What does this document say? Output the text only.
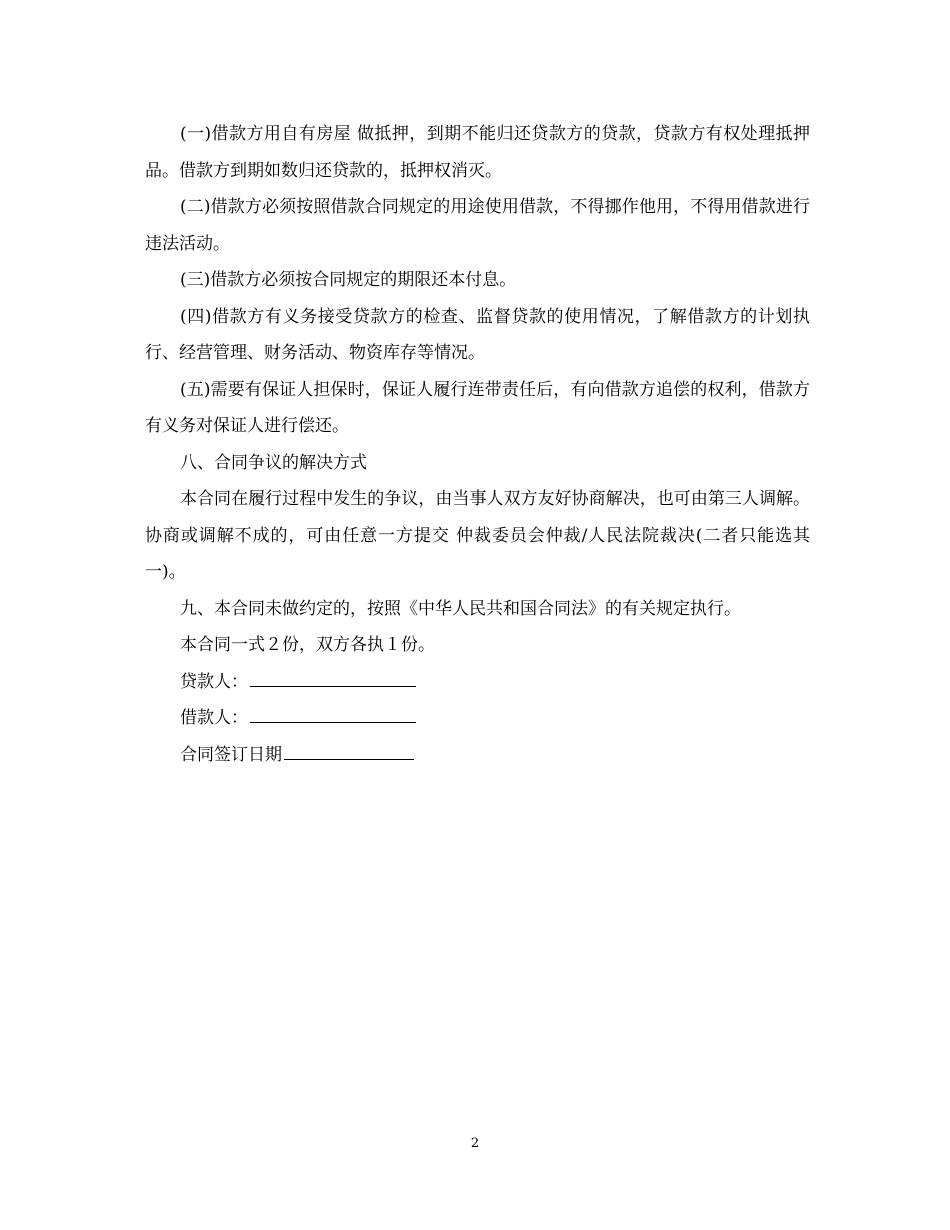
(一)借款方用自有房屋 做抵押，到期不能归还贷款方的贷款，贷款方有权处理抵押品。借款方到期如数归还贷款的，抵押权消灭。

(二)借款方必须按照借款合同规定的用途使用借款，不得挪作他用，不得用借款进行违法活动。

(三)借款方必须按合同规定的期限还本付息。

(四)借款方有义务接受贷款方的检查、监督贷款的使用情况，了解借款方的计划执行、经营管理、财务活动、物资库存等情况。

(五)需要有保证人担保时，保证人履行连带责任后，有向借款方追偿的权利，借款方有义务对保证人进行偿还。

八、合同争议的解决方式

本合同在履行过程中发生的争议，由当事人双方友好协商解决，也可由第三人调解。协商或调解不成的，可由任意一方提交 仲裁委员会仲裁/人民法院裁决(二者只能选其一)。

九、本合同未做约定的，按照《中华人民共和国合同法》的有关规定执行。

本合同一式２份，双方各执１份。

贷款人：

借款人：

合同签订日期

2
